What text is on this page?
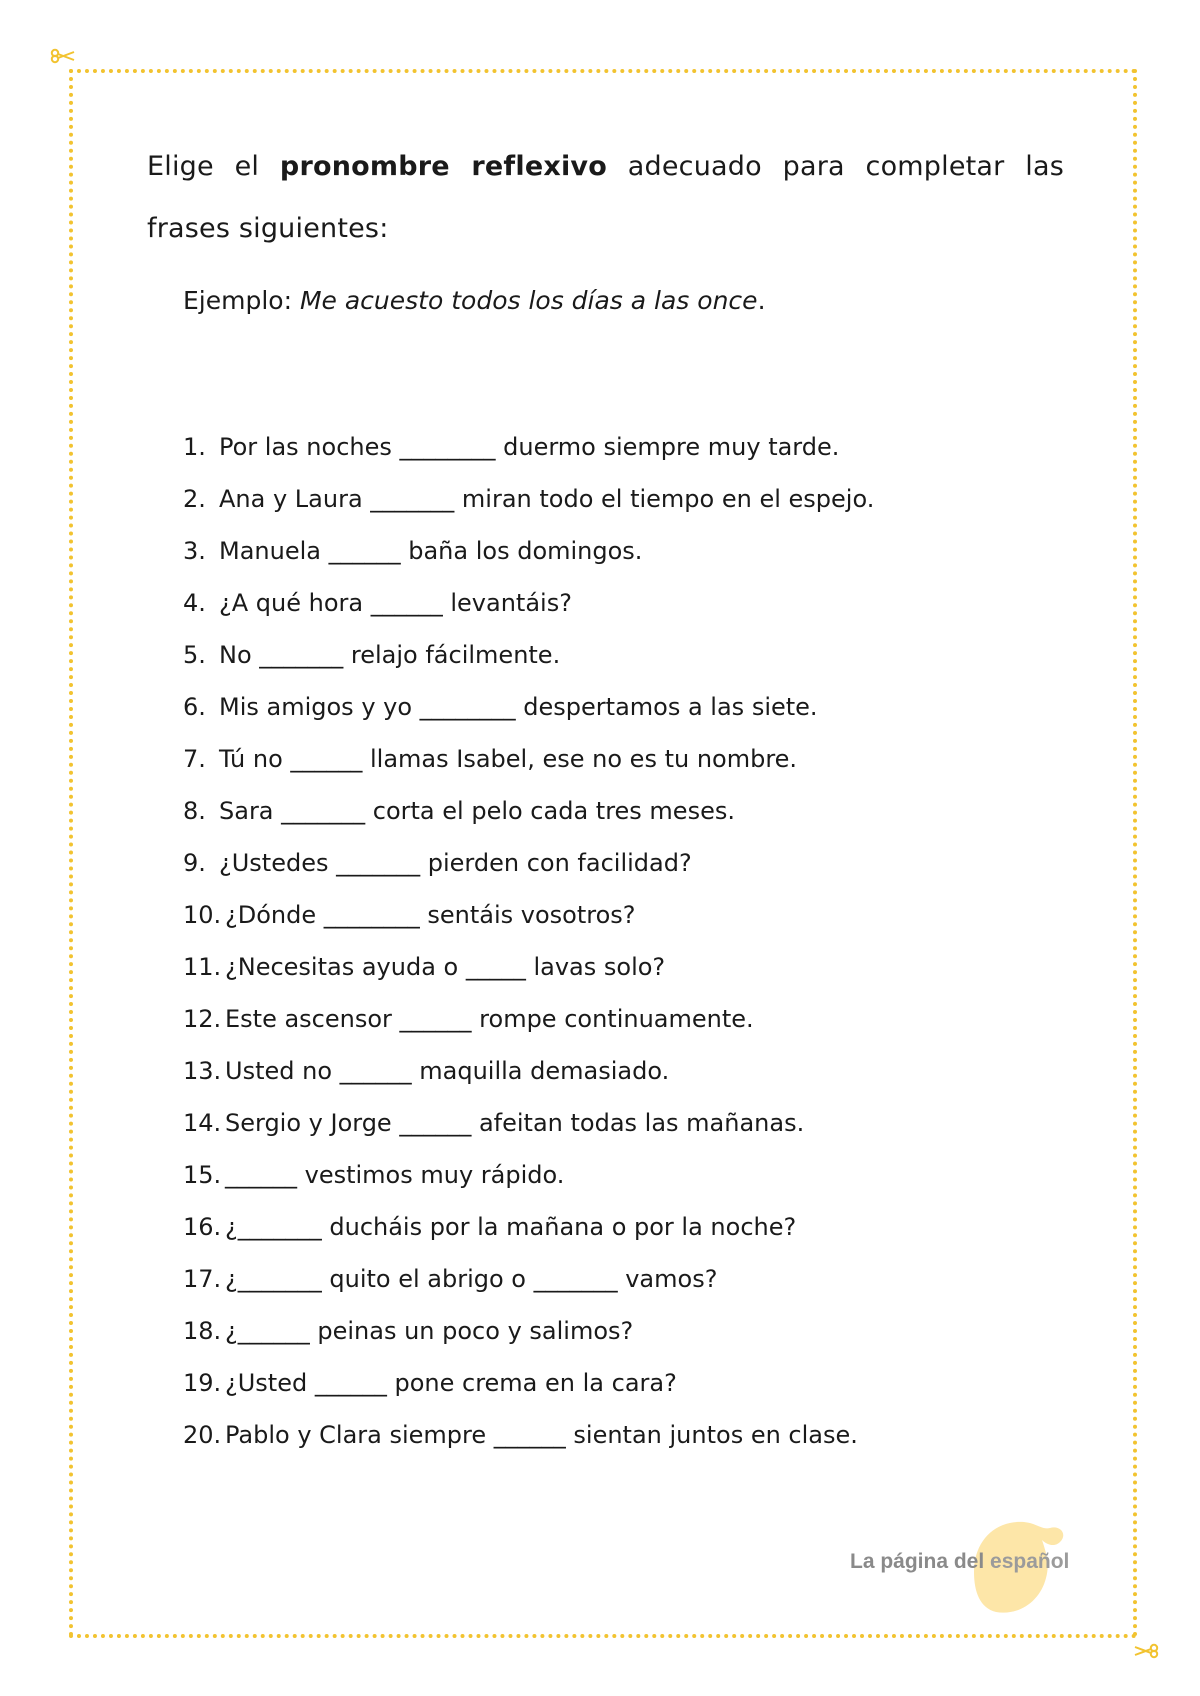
Elige el pronombre reflexivo adecuado para completar las frases siguientes:
Ejemplo: Me acuesto todos los días a las once.
1. Por las noches ________ duermo siempre muy tarde.
2. Ana y Laura _______ miran todo el tiempo en el espejo.
3. Manuela ______ baña los domingos.
4. ¿A qué hora ______ levantáis?
5. No _______ relajo fácilmente.
6. Mis amigos y yo ________ despertamos a las siete.
7. Tú no ______ llamas Isabel, ese no es tu nombre.
8. Sara _______ corta el pelo cada tres meses.
9. ¿Ustedes _______ pierden con facilidad?
10. ¿Dónde ________ sentáis vosotros?
11. ¿Necesitas ayuda o _____ lavas solo?
12. Este ascensor ______ rompe continuamente.
13. Usted no ______ maquilla demasiado.
14. Sergio y Jorge ______ afeitan todas las mañanas.
15. ______ vestimos muy rápido.
16. ¿_______ ducháis por la mañana o por la noche?
17. ¿_______ quito el abrigo o _______ vamos?
18. ¿______ peinas un poco y salimos?
19. ¿Usted ______ pone crema en la cara?
20. Pablo y Clara siempre ______ sientan juntos en clase.
La página del español
